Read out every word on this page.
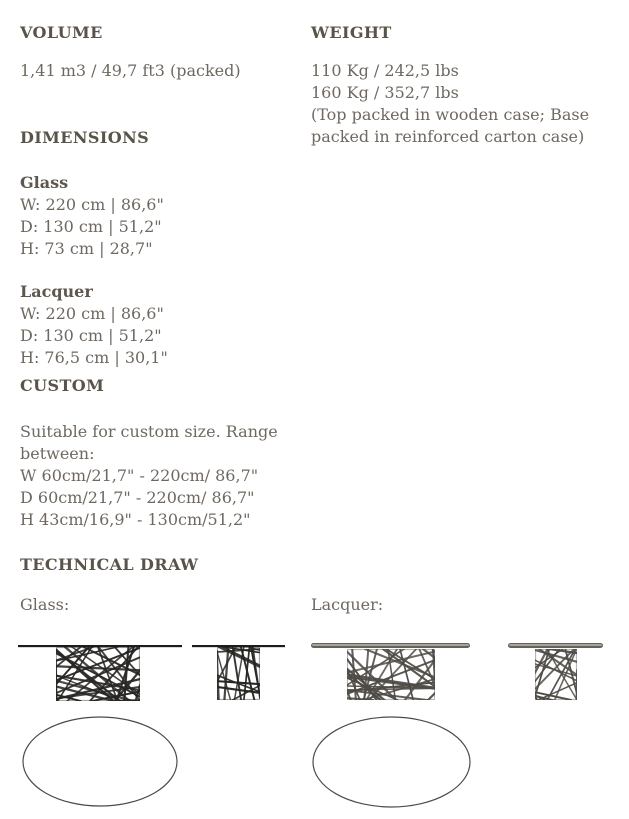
VOLUME
1,41 m3 / 49,7 ft3 (packed)
WEIGHT
110 Kg / 242,5 lbs
160 Kg / 352,7 lbs
(Top packed in wooden case; Base
packed in reinforced carton case)
DIMENSIONS
Glass
W: 220 cm | 86,6"
D: 130 cm | 51,2"
H: 73 cm | 28,7"
Lacquer
W: 220 cm | 86,6"
D: 130 cm | 51,2"
H: 76,5 cm | 30,1"
CUSTOM
Suitable for custom size. Range
between:
W 60cm/21,7" - 220cm/ 86,7"
D 60cm/21,7" - 220cm/ 86,7"
H 43cm/16,9" - 130cm/51,2"
TECHNICAL DRAW
Glass:	Lacquer:
